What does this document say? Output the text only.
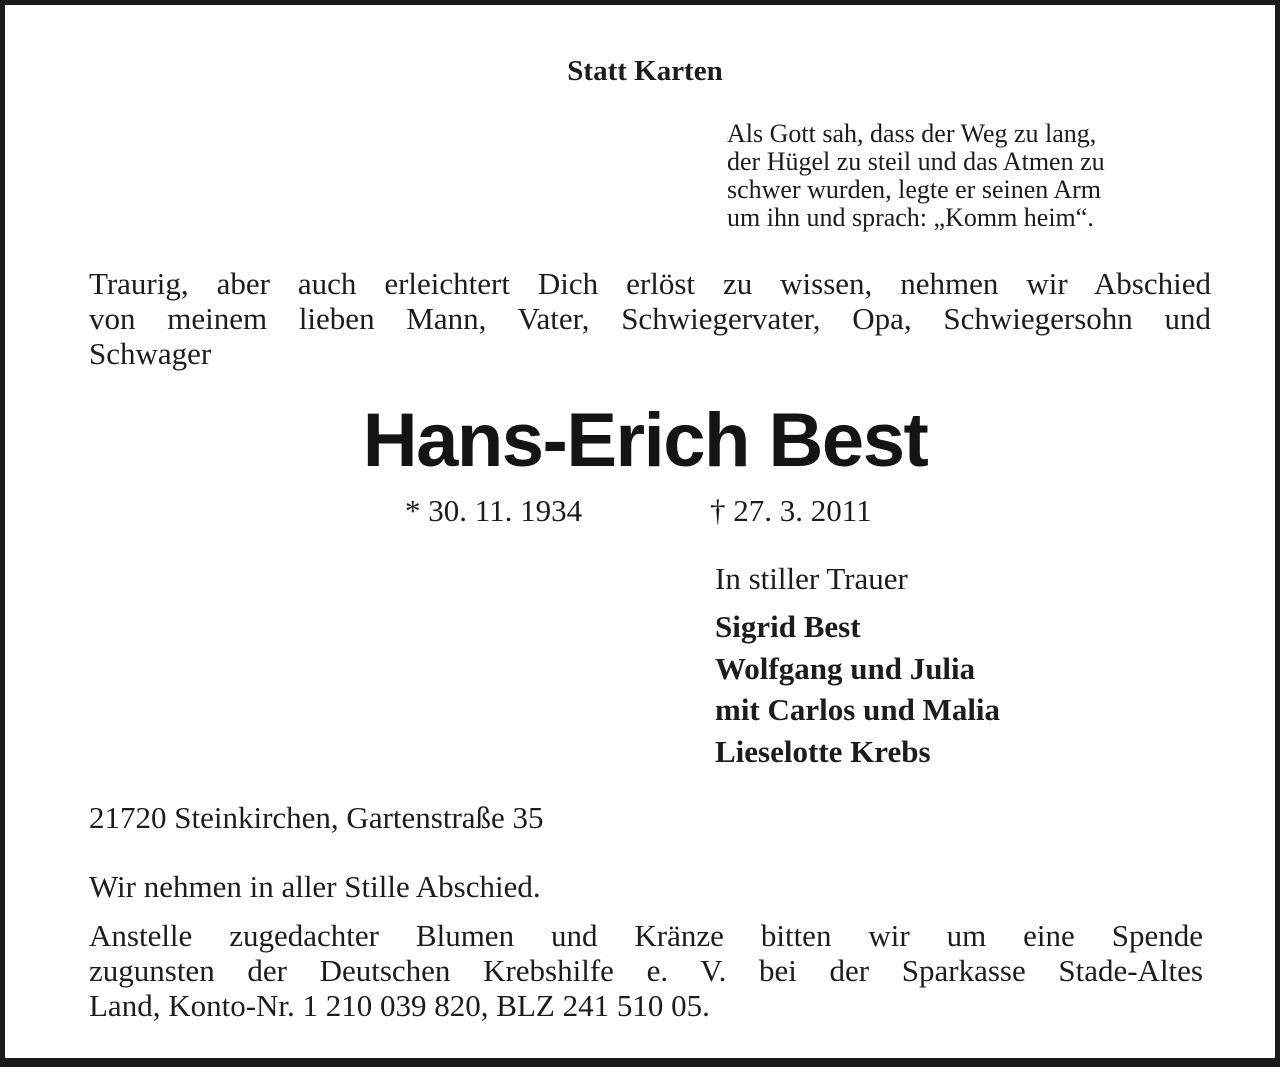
Statt Karten
Als Gott sah, dass der Weg zu lang,
der Hügel zu steil und das Atmen zu
schwer wurden, legte er seinen Arm
um ihn und sprach: „Komm heim“.
Traurig, aber auch erleichtert Dich erlöst zu wissen, nehmen wir Abschied
von meinem lieben Mann, Vater, Schwiegervater, Opa, Schwiegersohn und
Schwager
Hans-Erich Best
* 30. 11. 1934	† 27. 3. 2011
In stiller Trauer
Sigrid Best
Wolfgang und Julia
mit Carlos und Malia
Lieselotte Krebs
21720 Steinkirchen, Gartenstraße 35
Wir nehmen in aller Stille Abschied.
Anstelle zugedachter Blumen und Kränze bitten wir um eine Spende
zugunsten der Deutschen Krebshilfe e. V. bei der Sparkasse Stade-Altes
Land, Konto-Nr. 1 210 039 820, BLZ 241 510 05.
